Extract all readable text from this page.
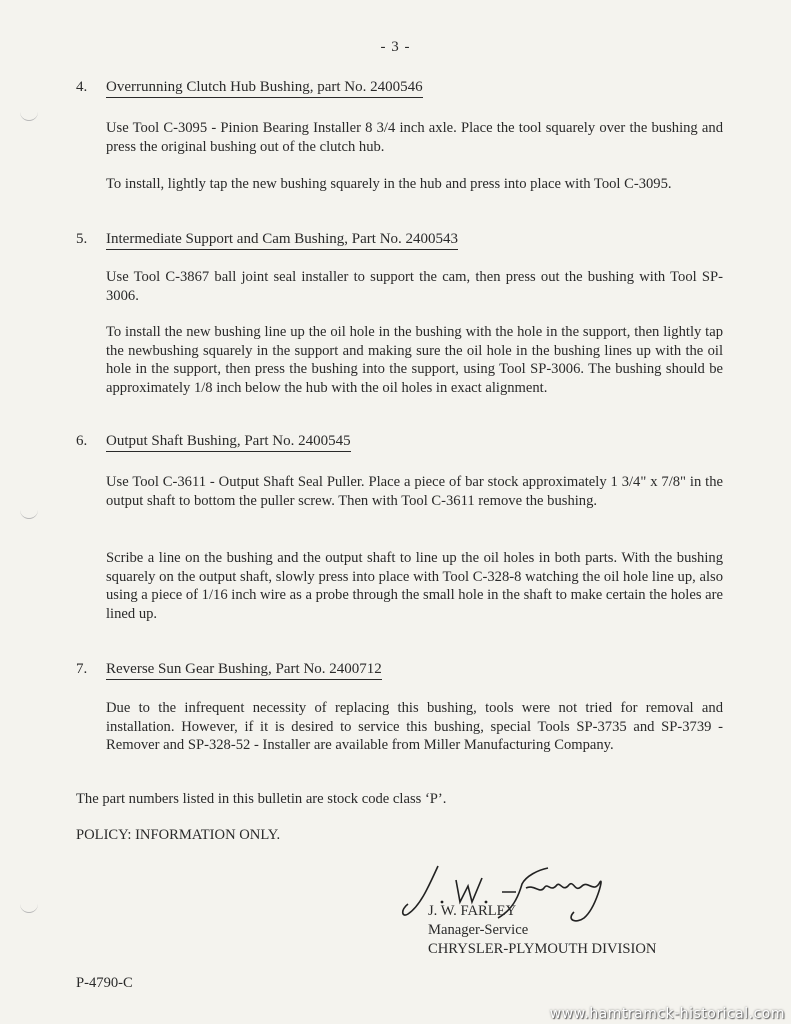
- 3 -
4. Overrunning Clutch Hub Bushing, part No. 2400546

Use Tool C-3095 - Pinion Bearing Installer 8 3/4 inch axle. Place the tool squarely over the bushing and press the original bushing out of the clutch hub.

To install, lightly tap the new bushing squarely in the hub and press into place with Tool C-3095.

5. Intermediate Support and Cam Bushing, Part No. 2400543

Use Tool C-3867 ball joint seal installer to support the cam, then press out the bushing with Tool SP-3006.

To install the new bushing line up the oil hole in the bushing with the hole in the support, then lightly tap the newbushing squarely in the support and making sure the oil hole in the bushing lines up with the oil hole in the support, then press the bushing into the support, using Tool SP-3006. The bushing should be approximately 1/8 inch below the hub with the oil holes in exact alignment.

6. Output Shaft Bushing, Part No. 2400545

Use Tool C-3611 - Output Shaft Seal Puller. Place a piece of bar stock approximately 1 3/4" x 7/8" in the output shaft to bottom the puller screw. Then with Tool C-3611 remove the bushing.

Scribe a line on the bushing and the output shaft to line up the oil holes in both parts. With the bushing squarely on the output shaft, slowly press into place with Tool C-328-8 watching the oil hole line up, also using a piece of 1/16 inch wire as a probe through the small hole in the shaft to make certain the holes are lined up.

7. Reverse Sun Gear Bushing, Part No. 2400712

Due to the infrequent necessity of replacing this bushing, tools were not tried for removal and installation. However, if it is desired to service this bushing, special Tools SP-3735 and SP-3739 - Remover and SP-328-52 - Installer are available from Miller Manufacturing Company.

The part numbers listed in this bulletin are stock code class ‘P’.
POLICY: INFORMATION ONLY.
J. W. FARLEY
Manager-Service
CHRYSLER-PLYMOUTH DIVISION
P-4790-C
www.hamtramck-historical.com
